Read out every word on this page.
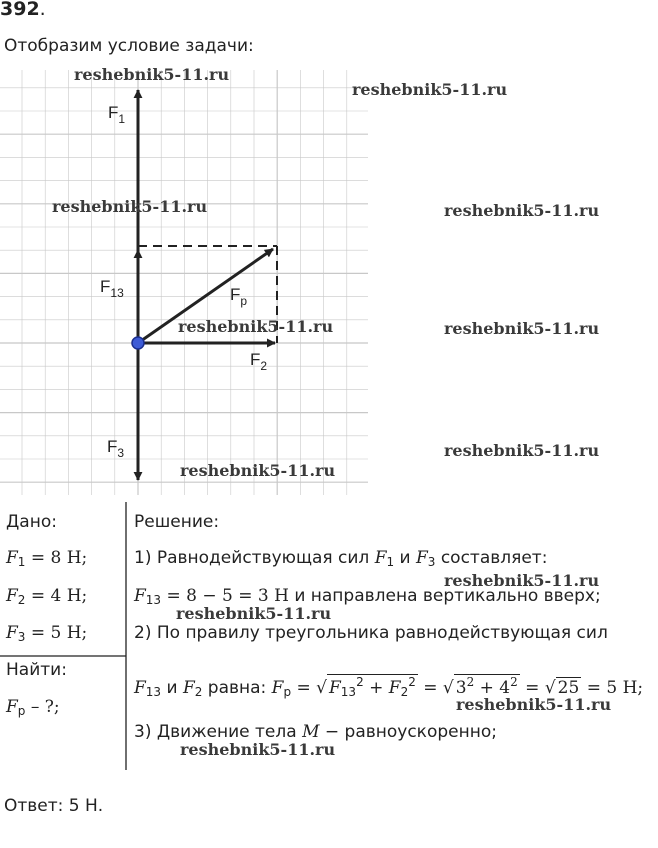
392.
Отобразим условие задачи:
$F_1$
$F_{13}$	$F_p$
$F_2$
$F_3$
reshebnik5-11.ru
reshebnik5-11.ru
reshebnik5-11.ru	reshebnik5-11.ru
reshebnik5-11.ru	reshebnik5-11.ru
reshebnik5-11.ru
reshebnik5-11.ru
reshebnik5-11.ru
reshebnik5-11.ru
reshebnik5-11.ru
reshebnik5-11.ru
Дано:
F1 = 8 Н;
F2 = 4 Н;
F3 = 5 Н;
Найти:
Fр – ?;
Решение:
1) Равнодействующая сил F1 и F3 составляет:
F13 = 8 − 5 = 3 Н и направлена вертикально вверх;
2) По правилу треугольника равнодействующая сил
F13 и F2 равна: Fр = √ $F13^2 + F2^2$ = √ $3^2 + 4^2$ = √ 25 = 5 Н;
3) Движение тела M − равноускоренно;
Ответ: 5 Н.
